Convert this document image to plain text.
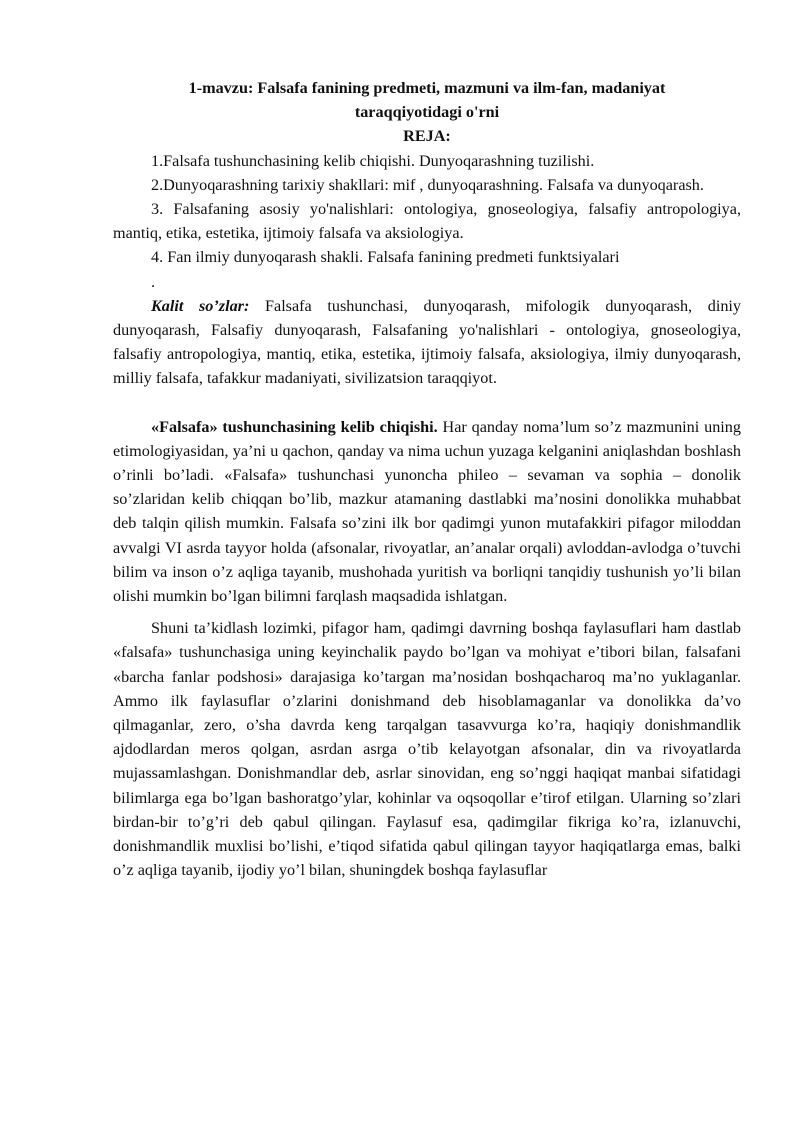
1-mavzu: Falsafa fanining predmeti, mazmuni va ilm-fan, madaniyat
taraqqiyotidagi o'rni
REJA:

1.Falsafa tushunchasining kelib chiqishi. Dunyoqarashning tuzilishi.

2.Dunyoqarashning tarixiy shakllari: mif , dunyoqarashning. Falsafa va dunyoqarash.

3. Falsafaning asosiy yo'nalishlari: ontologiya, gnoseologiya, falsafiy antropologiya, mantiq, etika, estetika, ijtimoiy falsafa va aksiologiya.

4. Fan ilmiy dunyoqarash shakli. Falsafa fanining predmeti funktsiyalari

.

Kalit so’zlar: Falsafa tushunchasi, dunyoqarash, mifologik dunyoqarash, diniy dunyoqarash, Falsafiy dunyoqarash, Falsafaning yo'nalishlari - ontologiya, gnoseologiya, falsafiy antropologiya, mantiq, etika, estetika, ijtimoiy falsafa, aksiologiya, ilmiy dunyoqarash, milliy falsafa, tafakkur madaniyati, sivilizatsion taraqqiyot.

«Falsafa» tushunchasining kelib chiqishi. Har qanday noma’lum so’z mazmunini uning etimologiyasidan, ya’ni u qachon, qanday va nima uchun yuzaga kelganini aniqlashdan boshlash o’rinli bo’ladi. «Falsafa» tushunchasi yunoncha phileo – sevaman va sophia – donolik so’zlaridan kelib chiqqan bo’lib, mazkur atamaning dastlabki ma’nosini donolikka muhabbat deb talqin qilish mumkin. Falsafa so’zini ilk bor qadimgi yunon mutafakkiri pifagor miloddan avvalgi VI asrda tayyor holda (afsonalar, rivoyatlar, an’analar orqali) avloddan-avlodga o’tuvchi bilim va inson o’z aqliga tayanib, mushohada yuritish va borliqni tanqidiy tushunish yo’li bilan olishi mumkin bo’lgan bilimni farqlash maqsadida ishlatgan.

Shuni ta’kidlash lozimki, pifagor ham, qadimgi davrning boshqa faylasuflari ham dastlab «falsafa» tushunchasiga uning keyinchalik paydo bo’lgan va mohiyat e’tibori bilan, falsafani «barcha fanlar podshosi» darajasiga ko’targan ma’nosidan boshqacharoq ma’no yuklaganlar. Ammo ilk faylasuflar o’zlarini donishmand deb hisoblamaganlar va donolikka da’vo qilmaganlar, zero, o’sha davrda keng tarqalgan tasavvurga ko’ra, haqiqiy donishmandlik ajdodlardan meros qolgan, asrdan asrga o’tib kelayotgan afsonalar, din va rivoyatlarda mujassamlashgan. Donishmandlar deb, asrlar sinovidan, eng so’nggi haqiqat manbai sifatidagi bilimlarga ega bo’lgan bashoratgo’ylar, kohinlar va oqsoqollar e’tirof etilgan. Ularning so’zlari birdan-bir to’g’ri deb qabul qilingan. Faylasuf esa, qadimgilar fikriga ko’ra, izlanuvchi, donishmandlik muxlisi bo’lishi, e’tiqod sifatida qabul qilingan tayyor haqiqatlarga emas, balki o’z aqliga tayanib, ijodiy yo’l bilan, shuningdek boshqa faylasuflar
